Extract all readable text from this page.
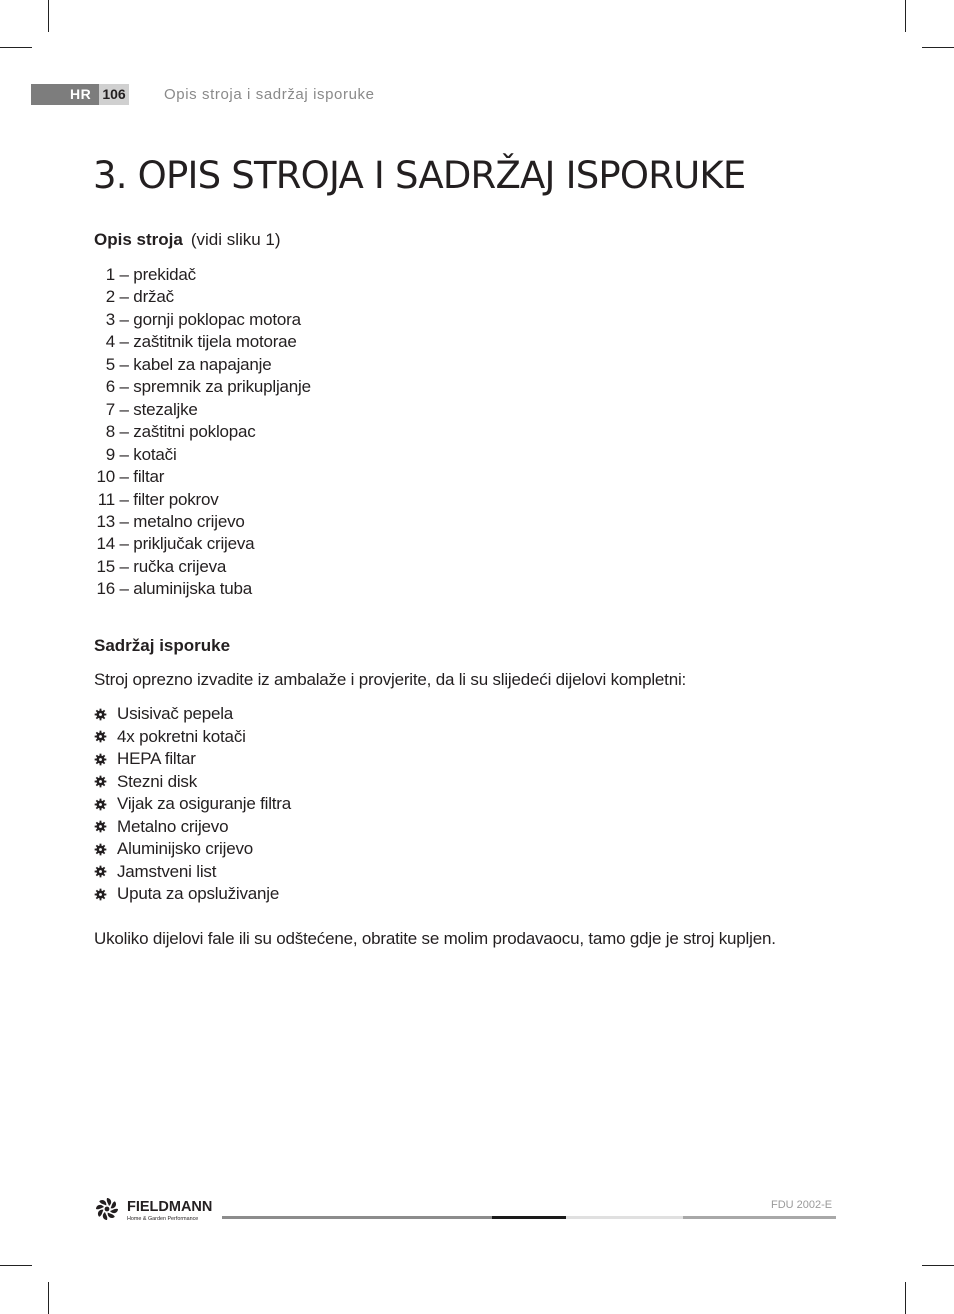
HR 106	Opis stroja i sadržaj isporuke
3. OPIS STROJA I SADRŽAJ ISPORUKE
Opis stroja (vidi sliku 1)
1 – prekidač
2 – držač
3 – gornji poklopac motora
4 – zaštitnik tijela motorae
5 – kabel za napajanje
6 – spremnik za prikupljanje
7 – stezaljke
8 – zaštitni poklopac
9 – kotači
10 – filtar
11 – filter pokrov
13 – metalno crijevo
14 – priključak crijeva
15 – ručka crijeva
16 – aluminijska tuba
Sadržaj isporuke
Stroj oprezno izvadite iz ambalaže i provjerite, da li su slijedeći dijelovi kompletni:
Usisivač pepela
4x pokretni kotači
HEPA filtar
Stezni disk
Vijak za osiguranje filtra
Metalno crijevo
Aluminijsko crijevo
Jamstveni list
Uputa za opsluživanje
Ukoliko dijelovi fale ili su odštećene, obratite se molim prodavaocu, tamo gdje je stroj kupljen.
FIELDMANN
Home & Garden Performance
FDU 2002-E
